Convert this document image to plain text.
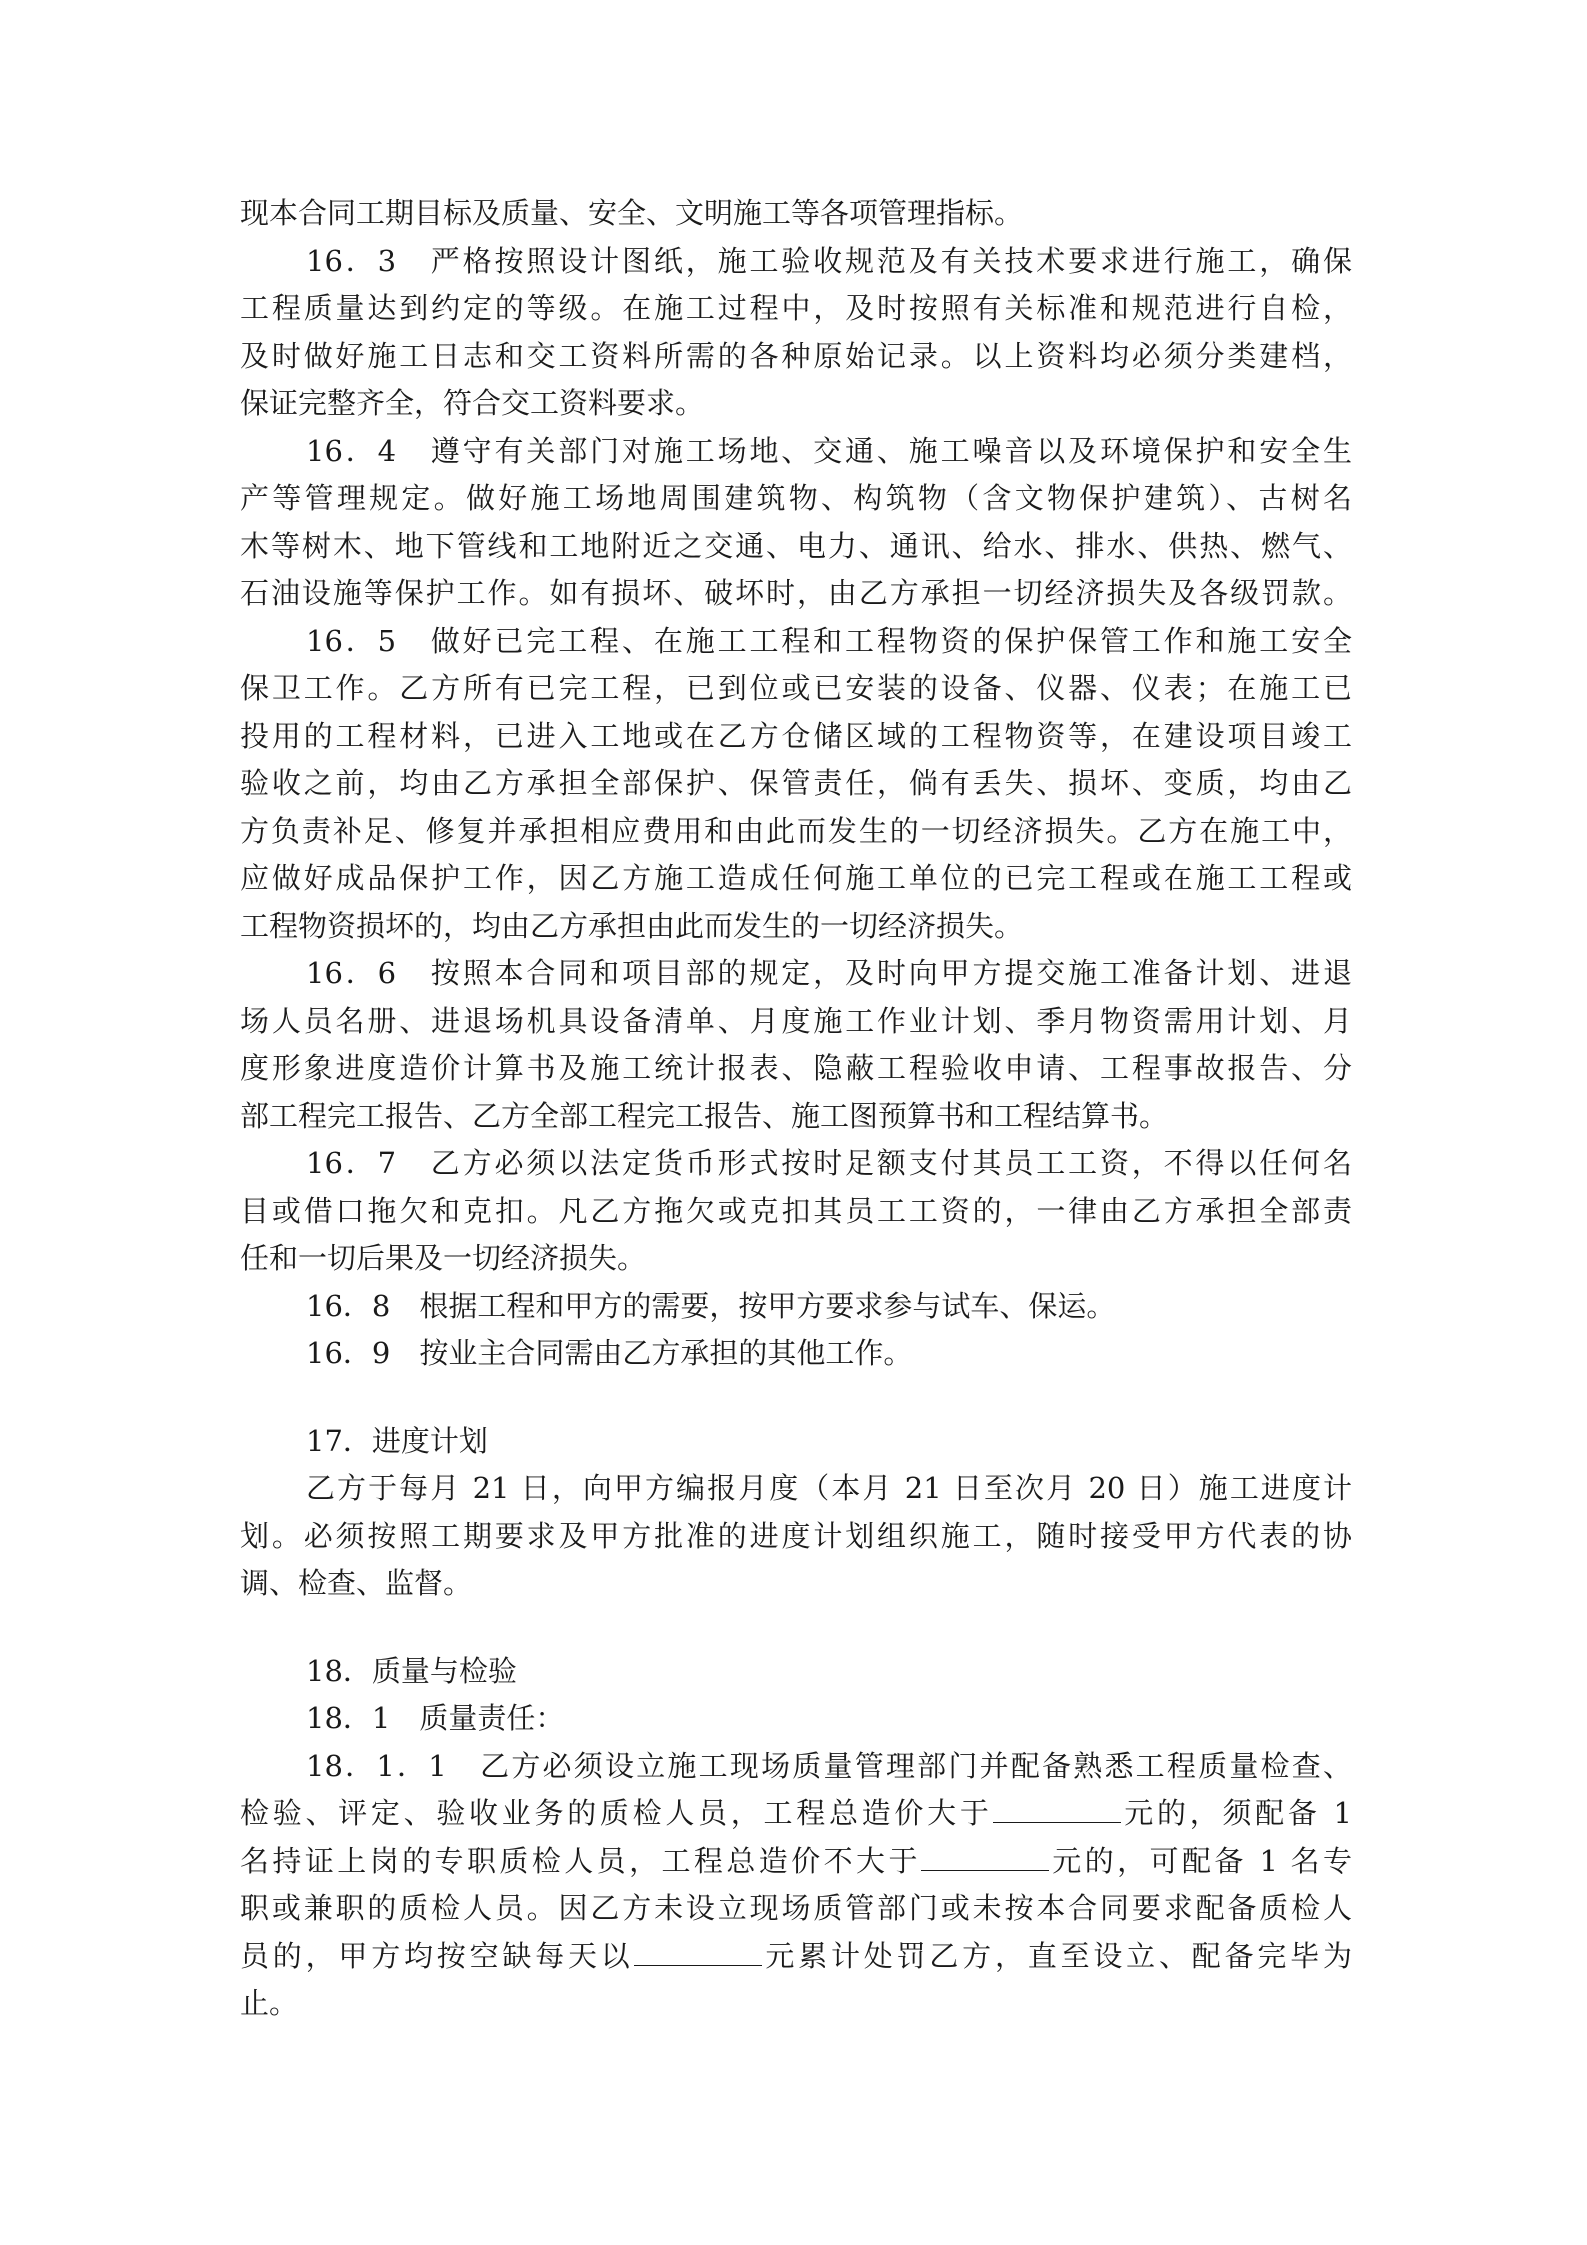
现本合同工期目标及质量、安全、文明施工等各项管理指标。
16．3　严格按照设计图纸，施工验收规范及有关技术要求进行施工，确保
工程质量达到约定的等级。在施工过程中，及时按照有关标准和规范进行自检，
及时做好施工日志和交工资料所需的各种原始记录。以上资料均必须分类建档，
保证完整齐全，符合交工资料要求。
16．4　遵守有关部门对施工场地、交通、施工噪音以及环境保护和安全生
产等管理规定。做好施工场地周围建筑物、构筑物（含文物保护建筑）、古树名
木等树木、地下管线和工地附近之交通、电力、通讯、给水、排水、供热、燃气、
石油设施等保护工作。如有损坏、破坏时，由乙方承担一切经济损失及各级罚款。
16．5　做好已完工程、在施工工程和工程物资的保护保管工作和施工安全
保卫工作。乙方所有已完工程，已到位或已安装的设备、仪器、仪表；在施工已
投用的工程材料，已进入工地或在乙方仓储区域的工程物资等，在建设项目竣工
验收之前，均由乙方承担全部保护、保管责任，倘有丢失、损坏、变质，均由乙
方负责补足、修复并承担相应费用和由此而发生的一切经济损失。乙方在施工中，
应做好成品保护工作，因乙方施工造成任何施工单位的已完工程或在施工工程或
工程物资损坏的，均由乙方承担由此而发生的一切经济损失。
16．6　按照本合同和项目部的规定，及时向甲方提交施工准备计划、进退
场人员名册、进退场机具设备清单、月度施工作业计划、季月物资需用计划、月
度形象进度造价计算书及施工统计报表、隐蔽工程验收申请、工程事故报告、分
部工程完工报告、乙方全部工程完工报告、施工图预算书和工程结算书。
16．7　乙方必须以法定货币形式按时足额支付其员工工资，不得以任何名
目或借口拖欠和克扣。凡乙方拖欠或克扣其员工工资的，一律由乙方承担全部责
任和一切后果及一切经济损失。
16．8　根据工程和甲方的需要，按甲方要求参与试车、保运。
16．9　按业主合同需由乙方承担的其他工作。
17．进度计划
乙方于每月 21 日，向甲方编报月度（本月 21 日至次月 20 日）施工进度计
划。必须按照工期要求及甲方批准的进度计划组织施工，随时接受甲方代表的协
调、检查、监督。
18．质量与检验
18．1　质量责任：
18．1．1　乙方必须设立施工现场质量管理部门并配备熟悉工程质量检查、
检验、评定、验收业务的质检人员，工程总造价大于	元的，须配备 1
名持证上岗的专职质检人员，工程总造价不大于	元的，可配备 1 名专
职或兼职的质检人员。因乙方未设立现场质管部门或未按本合同要求配备质检人
员的，甲方均按空缺每天以	元累计处罚乙方，直至设立、配备完毕为
止。
